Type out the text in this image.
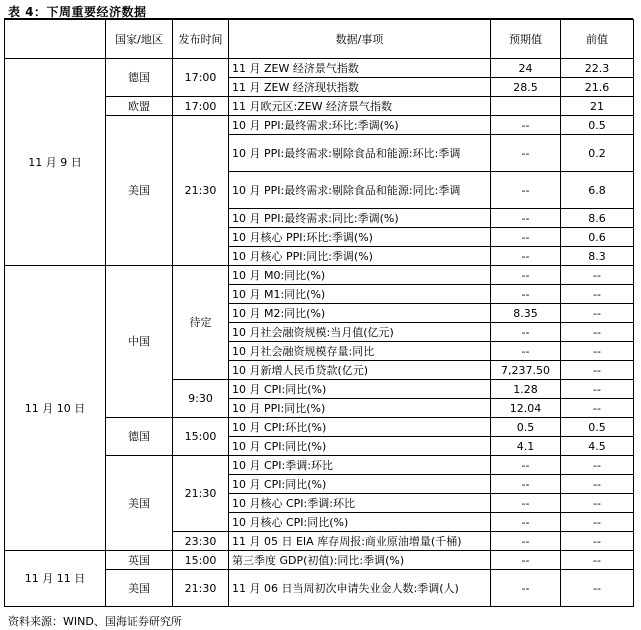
表 4：下周重要经济数据
	国家/地区	发布时间	数据/事项	预期值	前值
11 月 9 日	德国	17:00	11 月 ZEW 经济景气指数	24	22.3
			11 月 ZEW 经济现状指数	28.5	21.6
	欧盟	17:00	11 月欧元区:ZEW 经济景气指数		21
	美国	21:30	10 月 PPI:最终需求:环比:季调(%)	--	0.5
			10 月 PPI:最终需求:剔除食品和能源:环比:季调	--	0.2
			10 月 PPI:最终需求:剔除食品和能源:同比:季调	--	6.8
			10 月 PPI:最终需求:同比:季调(%)	--	8.6
			10 月核心 PPI:环比:季调(%)	--	0.6
			10 月核心 PPI:同比:季调(%)	--	8.3
11 月 10 日	中国	待定	10 月 M0:同比(%)	--	--
			10 月 M1:同比(%)	--	--
			10 月 M2:同比(%)	8.35	--
			10 月社会融资规模:当月值(亿元)	--	--
			10 月社会融资规模存量:同比	--	--
			10 月新增人民币贷款(亿元)	7,237.50	--
		9:30	10 月 CPI:同比(%)	1.28	--
			10 月 PPI:同比(%)	12.04	--
	德国	15:00	10 月 CPI:环比(%)	0.5	0.5
			10 月 CPI:同比(%)	4.1	4.5
	美国	21:30	10 月 CPI:季调:环比	--	--
			10 月 CPI:同比(%)	--	--
			10 月核心 CPI:季调:环比	--	--
			10 月核心 CPI:同比(%)	--	--
		23:30	11 月 05 日 EIA 库存周报:商业原油增量(千桶)	--	--
11 月 11 日	英国	15:00	第三季度 GDP(初值):同比:季调(%)	--	--
	美国	21:30	11 月 06 日当周初次申请失业金人数:季调(人)	--	--
资料来源：WIND、国海证券研究所
